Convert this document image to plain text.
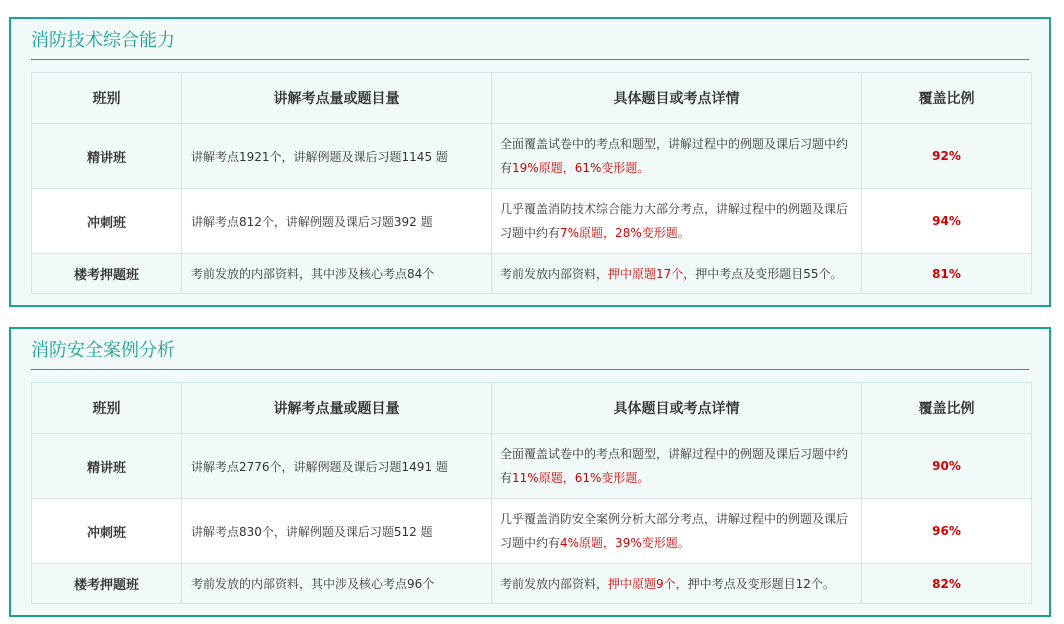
消防技术综合能力
班别	讲解考点量或题目量	具体题目或考点详情	覆盖比例
精讲班	讲解考点1921个，讲解例题及课后习题1145 题	全面覆盖试卷中的考点和题型，讲解过程中的例题及课后习题中约有19%原题，61%变形题。	92%
冲刺班	讲解考点812个，讲解例题及课后习题392 题	几乎覆盖消防技术综合能力大部分考点，讲解过程中的例题及课后习题中约有7%原题，28%变形题。	94%
楼考押题班	考前发放的内部资料，其中涉及核心考点84个	考前发放内部资料，押中原题17个，押中考点及变形题目55个。	81%
消防安全案例分析
班别	讲解考点量或题目量	具体题目或考点详情	覆盖比例
精讲班	讲解考点2776个，讲解例题及课后习题1491 题	全面覆盖试卷中的考点和题型，讲解过程中的例题及课后习题中约有11%原题，61%变形题。	90%
冲刺班	讲解考点830个，讲解例题及课后习题512 题	几乎覆盖消防安全案例分析大部分考点，讲解过程中的例题及课后习题中约有4%原题，39%变形题。	96%
楼考押题班	考前发放的内部资料，其中涉及核心考点96个	考前发放内部资料，押中原题9个，押中考点及变形题目12个。	82%
